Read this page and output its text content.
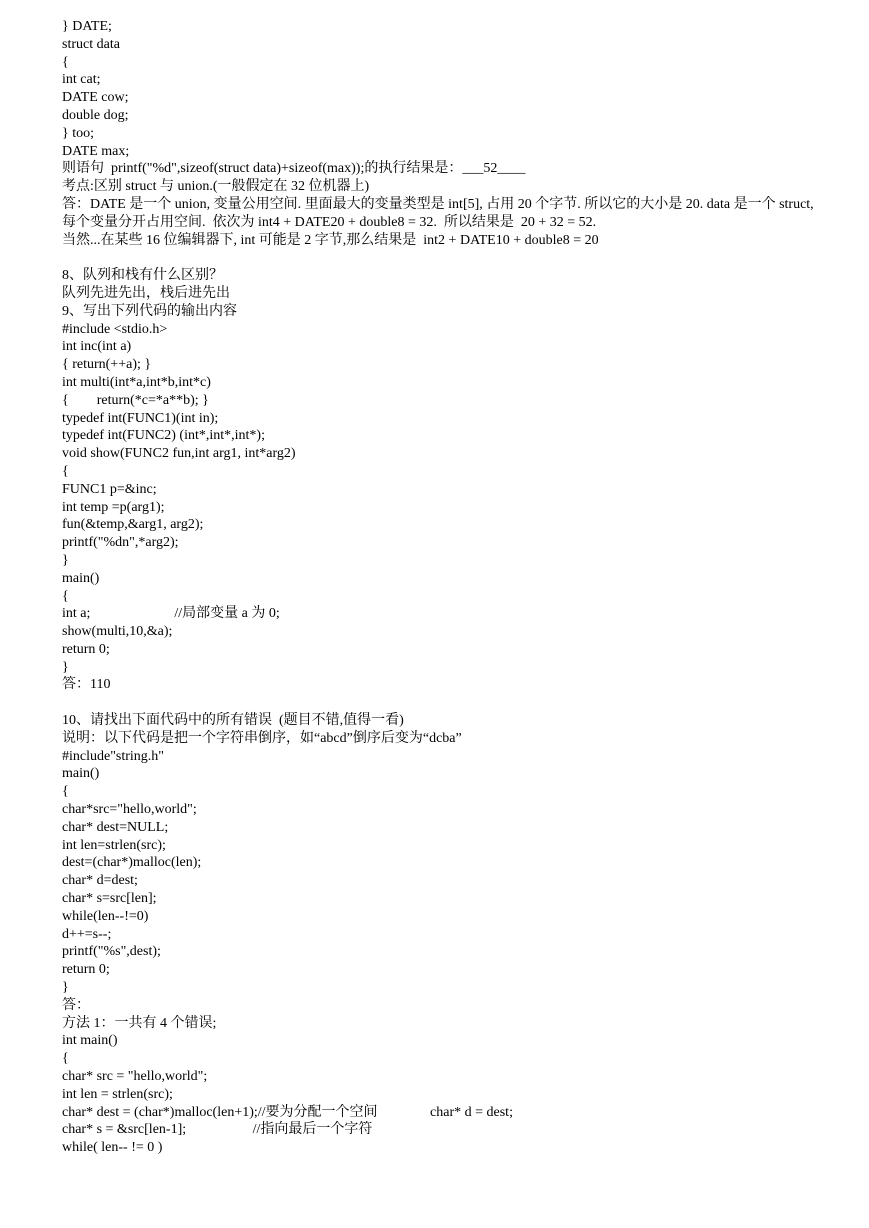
} DATE;

struct data

{

int cat;

DATE cow;

double dog;

} too;

DATE max;

则语句  printf("%d",sizeof(struct data)+sizeof(max));的执行结果是：___52____

考点:区别 struct 与 union.(一般假定在 32 位机器上)

答：DATE 是一个 union, 变量公用空间. 里面最大的变量类型是 int[5], 占用 20 个字节. 所以它的大小是 20. data 是一个 struct,

每个变量分开占用空间.  依次为 int4 + DATE20 + double8 = 32.  所以结果是  20 + 32 = 52.

当然...在某些 16 位编辑器下, int 可能是 2 字节,那么结果是  int2 + DATE10 + double8 = 20

8、队列和栈有什么区别？

队列先进先出，栈后进先出

9、写出下列代码的输出内容

#include <stdio.h>

int inc(int a)

{ return(++a); }

int multi(int*a,int*b,int*c)

{        return(*c=*a**b); }

typedef int(FUNC1)(int in);

typedef int(FUNC2) (int*,int*,int*);

void show(FUNC2 fun,int arg1, int*arg2)

{

FUNC1 p=&inc;

int temp =p(arg1);

fun(&temp,&arg1, arg2);

printf("%dn",*arg2);

}

main()

{

int a;                        //局部变量 a 为 0;

show(multi,10,&a);

return 0;

}

答：110

10、请找出下面代码中的所有错误  (题目不错,值得一看)

说明：以下代码是把一个字符串倒序，如“abcd”倒序后变为“dcba”

#include"string.h"

main()

{

char*src="hello,world";

char* dest=NULL;

int len=strlen(src);

dest=(char*)malloc(len);

char* d=dest;

char* s=src[len];

while(len--!=0)

d++=s--;

printf("%s",dest);

return 0;

}

答：

方法 1：一共有 4 个错误;

int main()

{

char* src = "hello,world";

int len = strlen(src);

char* dest = (char*)malloc(len+1);//要为分配一个空间               char* d = dest;

char* s = &src[len-1];                   //指向最后一个字符

while( len-- != 0 )
